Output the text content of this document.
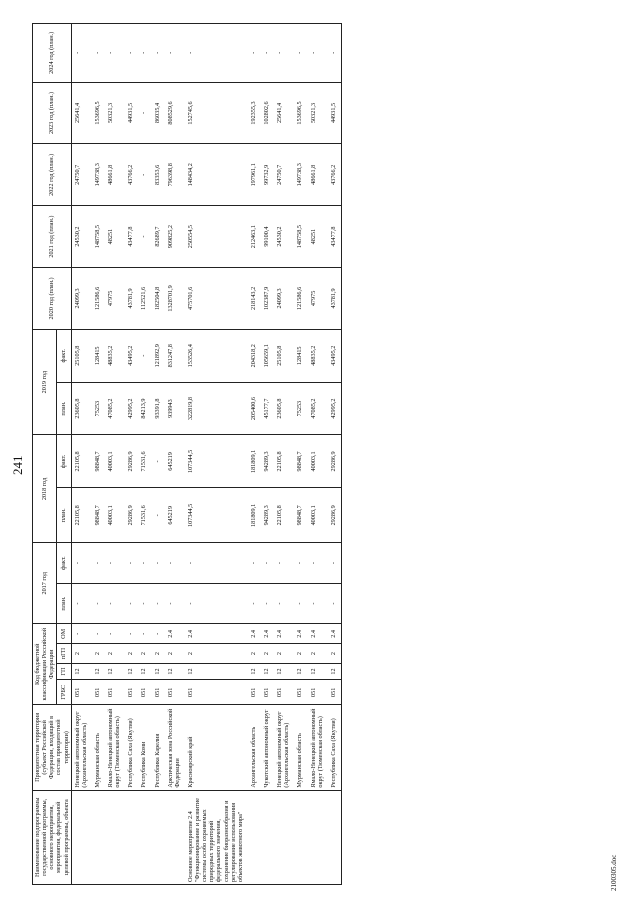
241
Наименование подпрограммы государственной программы, основного мероприятия, мероприятия, федеральной целевой программы, объекта	Приоритетная территория (субъект Российской Федерации, входящий в состав приоритетной территории)	Код бюджетной классификации Российской Федерации				2017 год		2018 год		2019 год		2020 год (план.)	2021 год (план.)	2022 год (план.)	2023 год (план.)	2024 год (план.)
		ГРБС	ГП	пГП	ОМ	план.	факт.	план.	факт.	план.	факт.					

	Ненецкий автономный округ (Архангельская область)	051	12	2	-	-	-	22105,8	22105,8	23605,8	25105,8	24099,3	24530,2	24750,7	25641,4	-
	Мурманская область	051	12	2	-	-	-	98848,7	98848,7	75253	128415	121586,6	148758,5	149738,3	153696,5	-
	Ямало-Ненецкий автономный округ (Тюменская область)	051	12	2	-	-	-	40003,1	40003,1	47085,2	48835,2	47975	48251	48661,8	50321,3	-
	Республика Саха (Якутия)	051	12	2	-	-	-	29286,9	29286,9	42995,2	43495,2	43781,9	43477,8	43766,2	44931,5	-
	Республика Коми	051	12	2	-	-	-	71531,6	71531,6	84213,9	-	112521,6	-	-	-	-
	Республика Карелия	051	12	2	-	-	-	-	-	93391,8	121892,9	182504,8	82689,7	83353,6	86035,4	-
	Арктическая зона Российской Федерации	051	12	2	2.4	-	-	645219	645219	939943	831247,8	1328701,9	909825,2	796398,8	808529,6	-
Основное мероприятие 2.4 "Функционирование и развитие системы особо охраняемых природных территорий федерального значения, сохранение биоразнообразия и регулирование использования объектов животного мира"	Красноярский край	051	12	2	2.4	-	-	107344,5	107344,5	322819,8	153526,4	475701,6	250554,5	148434,2	152745,6	-
	Архангельская область	051	12	2	2.4	-	-	181809,1	181809,1	205400,6	204318,2	218143,2	212463,1	197961,1	192355,3	-
	Чукотский автономный округ	051	12	2	2.4	-	-	94289,3	94289,3	45177,7	105659,1	102387,9	99100,4	99732,9	102802,6	-
	Ненецкий автономный округ (Архангельская область)	051	12	2	2.4	-	-	22105,8	22105,8	23605,8	25105,8	24099,3	24530,2	24750,7	25641,4	-
	Мурманская область	051	12	2	2.4	-	-	98848,7	98848,7	75253	128415	121586,6	148758,5	149738,3	153696,5	-
	Ямало-Ненецкий автономный округ (Тюменская область)	051	12	2	2.4	-	-	40003,1	40003,1	47085,2	48835,2	47975	48251	48661,8	50321,3	-
	Республика Саха (Якутия)	051	12	2	2.4	-	-	29286,9	29286,9	42995,2	43495,2	43781,9	43477,8	43766,2	44931,5	-
2100305.doc
